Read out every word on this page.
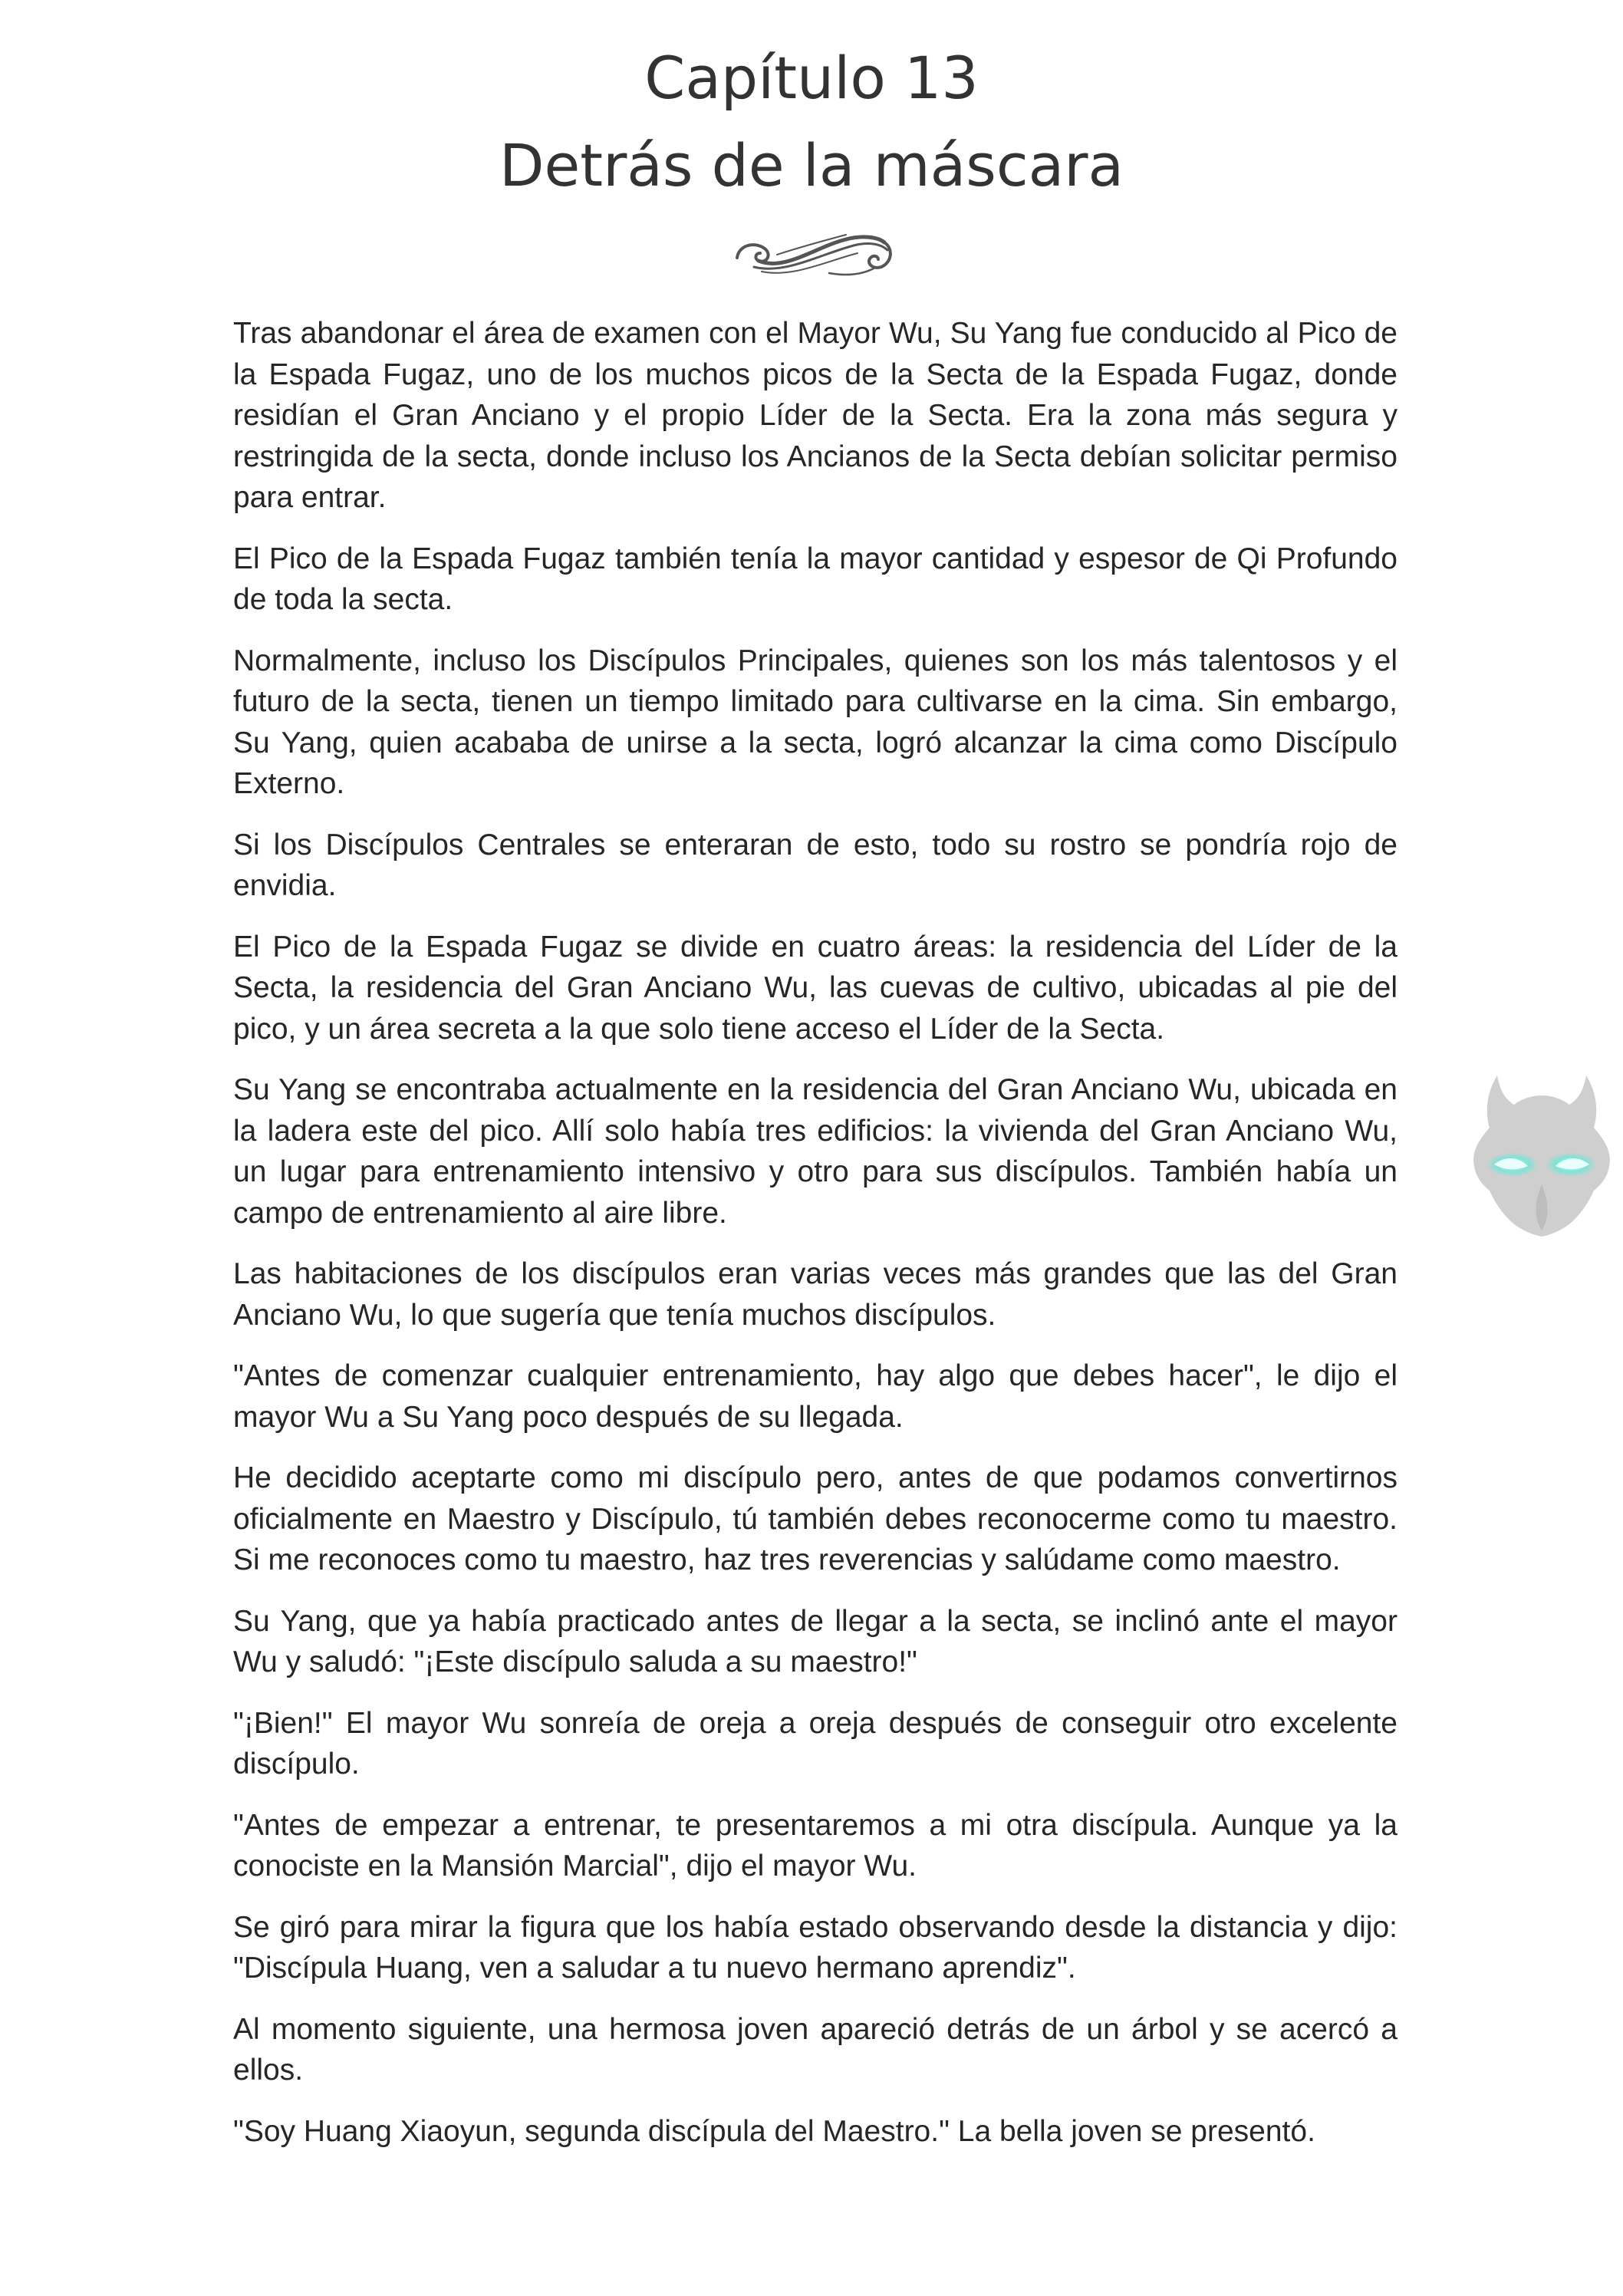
Capítulo 13
Detrás de la máscara

Tras abandonar el área de examen con el Mayor Wu, Su Yang fue conducido al Pico de la Espada Fugaz, uno de los muchos picos de la Secta de la Espada Fugaz, donde residían el Gran Anciano y el propio Líder de la Secta. Era la zona más segura y restringida de la secta, donde incluso los Ancianos de la Secta debían solicitar permiso para entrar.

El Pico de la Espada Fugaz también tenía la mayor cantidad y espesor de Qi Profundo de toda la secta.

Normalmente, incluso los Discípulos Principales, quienes son los más talentosos y el futuro de la secta, tienen un tiempo limitado para cultivarse en la cima. Sin embargo, Su Yang, quien acababa de unirse a la secta, logró alcanzar la cima como Discípulo Externo.

Si los Discípulos Centrales se enteraran de esto, todo su rostro se pondría rojo de envidia.

El Pico de la Espada Fugaz se divide en cuatro áreas: la residencia del Líder de la Secta, la residencia del Gran Anciano Wu, las cuevas de cultivo, ubicadas al pie del pico, y un área secreta a la que solo tiene acceso el Líder de la Secta.

Su Yang se encontraba actualmente en la residencia del Gran Anciano Wu, ubicada en la ladera este del pico. Allí solo había tres edificios: la vivienda del Gran Anciano Wu, un lugar para entrenamiento intensivo y otro para sus discípulos. También había un campo de entrenamiento al aire libre.

Las habitaciones de los discípulos eran varias veces más grandes que las del Gran Anciano Wu, lo que sugería que tenía muchos discípulos.

"Antes de comenzar cualquier entrenamiento, hay algo que debes hacer", le dijo el mayor Wu a Su Yang poco después de su llegada.

He decidido aceptarte como mi discípulo pero, antes de que podamos convertirnos oficialmente en Maestro y Discípulo, tú también debes reconocerme como tu maestro. Si me reconoces como tu maestro, haz tres reverencias y salúdame como maestro.

Su Yang, que ya había practicado antes de llegar a la secta, se inclinó ante el mayor Wu y saludó: "¡Este discípulo saluda a su maestro!"

"¡Bien!" El mayor Wu sonreía de oreja a oreja después de conseguir otro excelente discípulo.

"Antes de empezar a entrenar, te presentaremos a mi otra discípula. Aunque ya la conociste en la Mansión Marcial", dijo el mayor Wu.

Se giró para mirar la figura que los había estado observando desde la distancia y dijo: "Discípula Huang, ven a saludar a tu nuevo hermano aprendiz".

Al momento siguiente, una hermosa joven apareció detrás de un árbol y se acercó a ellos.

"Soy Huang Xiaoyun, segunda discípula del Maestro." La bella joven se presentó.
